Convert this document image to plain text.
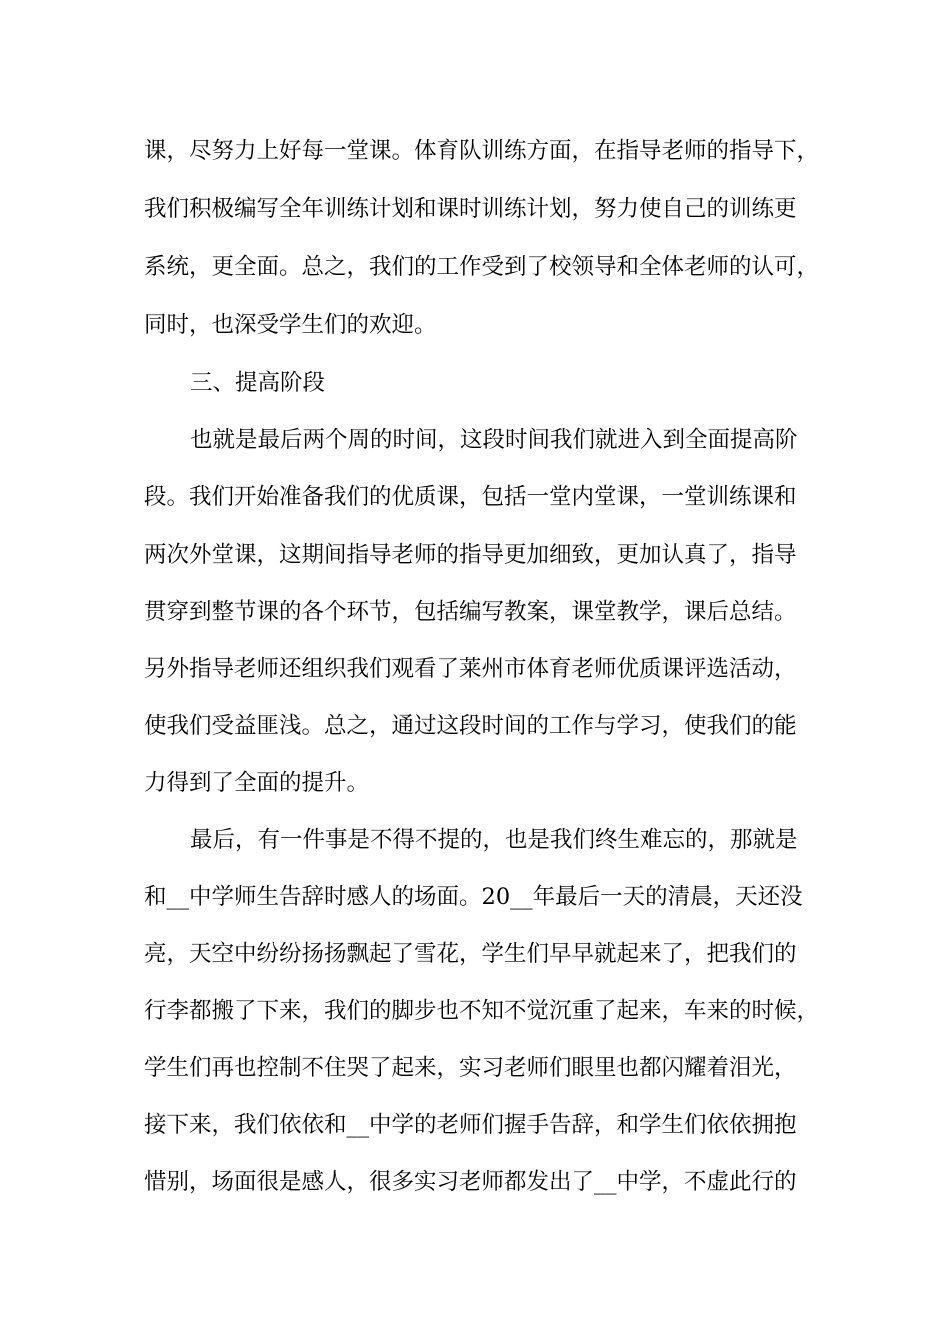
课，尽努力上好每一堂课。体育队训练方面，在指导老师的指导下，
我们积极编写全年训练计划和课时训练计划，努力使自己的训练更
系统，更全面。总之，我们的工作受到了校领导和全体老师的认可，
同时，也深受学生们的欢迎。
三、提高阶段
也就是最后两个周的时间，这段时间我们就进入到全面提高阶
段。我们开始准备我们的优质课，包括一堂内堂课，一堂训练课和
两次外堂课，这期间指导老师的指导更加细致，更加认真了，指导
贯穿到整节课的各个环节，包括编写教案，课堂教学，课后总结。
另外指导老师还组织我们观看了莱州市体育老师优质课评选活动，
使我们受益匪浅。总之，通过这段时间的工作与学习，使我们的能
力得到了全面的提升。
最后，有一件事是不得不提的，也是我们终生难忘的，那就是
和__中学师生告辞时感人的场面。20__年最后一天的清晨，天还没
亮，天空中纷纷扬扬飘起了雪花，学生们早早就起来了，把我们的
行李都搬了下来，我们的脚步也不知不觉沉重了起来，车来的时候，
学生们再也控制不住哭了起来，实习老师们眼里也都闪耀着泪光，
接下来，我们依依和__中学的老师们握手告辞，和学生们依依拥抱
惜别，场面很是感人，很多实习老师都发出了__中学，不虚此行的
